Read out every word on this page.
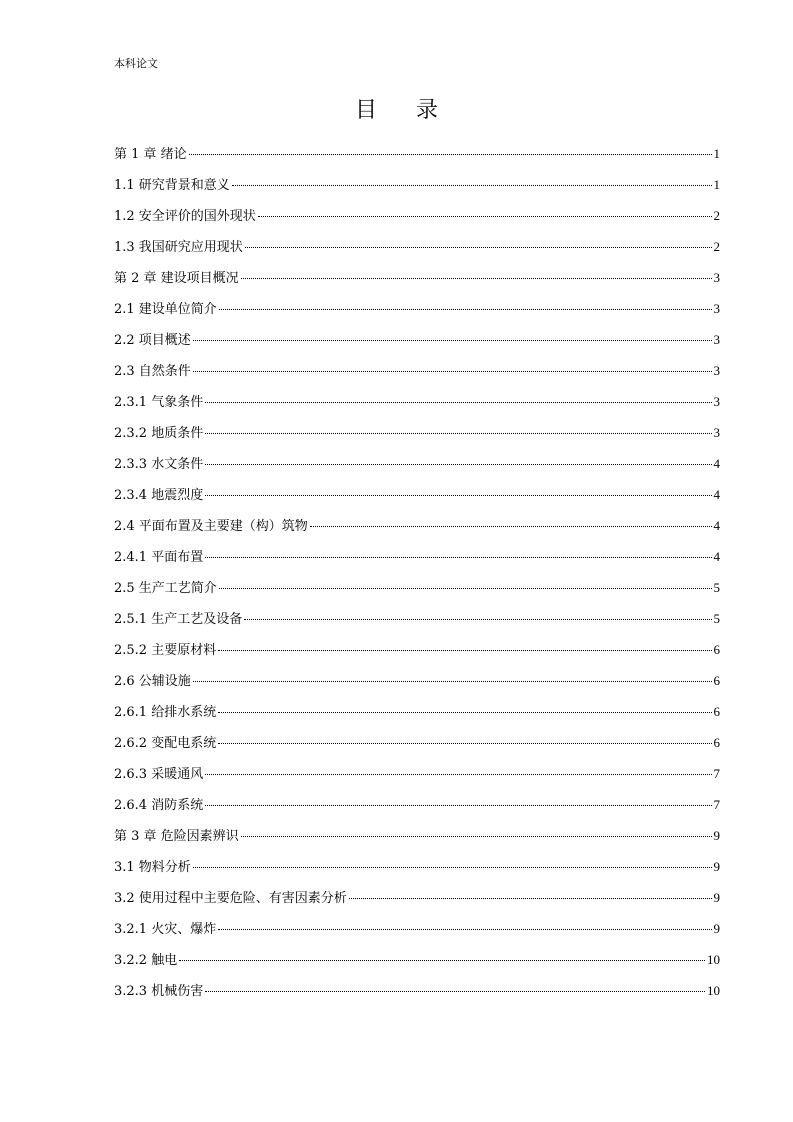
本科论文
目 录
第 1 章 绪论	1
1.1 研究背景和意义	1
1.2 安全评价的国外现状	2
1.3 我国研究应用现状	2
第 2 章 建设项目概况	3
2.1 建设单位简介	3
2.2 项目概述	3
2.3 自然条件	3
2.3.1 气象条件	3
2.3.2 地质条件	3
2.3.3 水文条件	4
2.3.4 地震烈度	4
2.4 平面布置及主要建（构）筑物	4
2.4.1 平面布置	4
2.5 生产工艺简介	5
2.5.1 生产工艺及设备	5
2.5.2 主要原材料	6
2.6 公辅设施	6
2.6.1 给排水系统	6
2.6.2 变配电系统	6
2.6.3 采暖通风	7
2.6.4 消防系统	7
第 3 章 危险因素辨识	9
3.1 物料分析	9
3.2 使用过程中主要危险、有害因素分析	9
3.2.1 火灾、爆炸	9
3.2.2 触电	10
3.2.3 机械伤害	10
